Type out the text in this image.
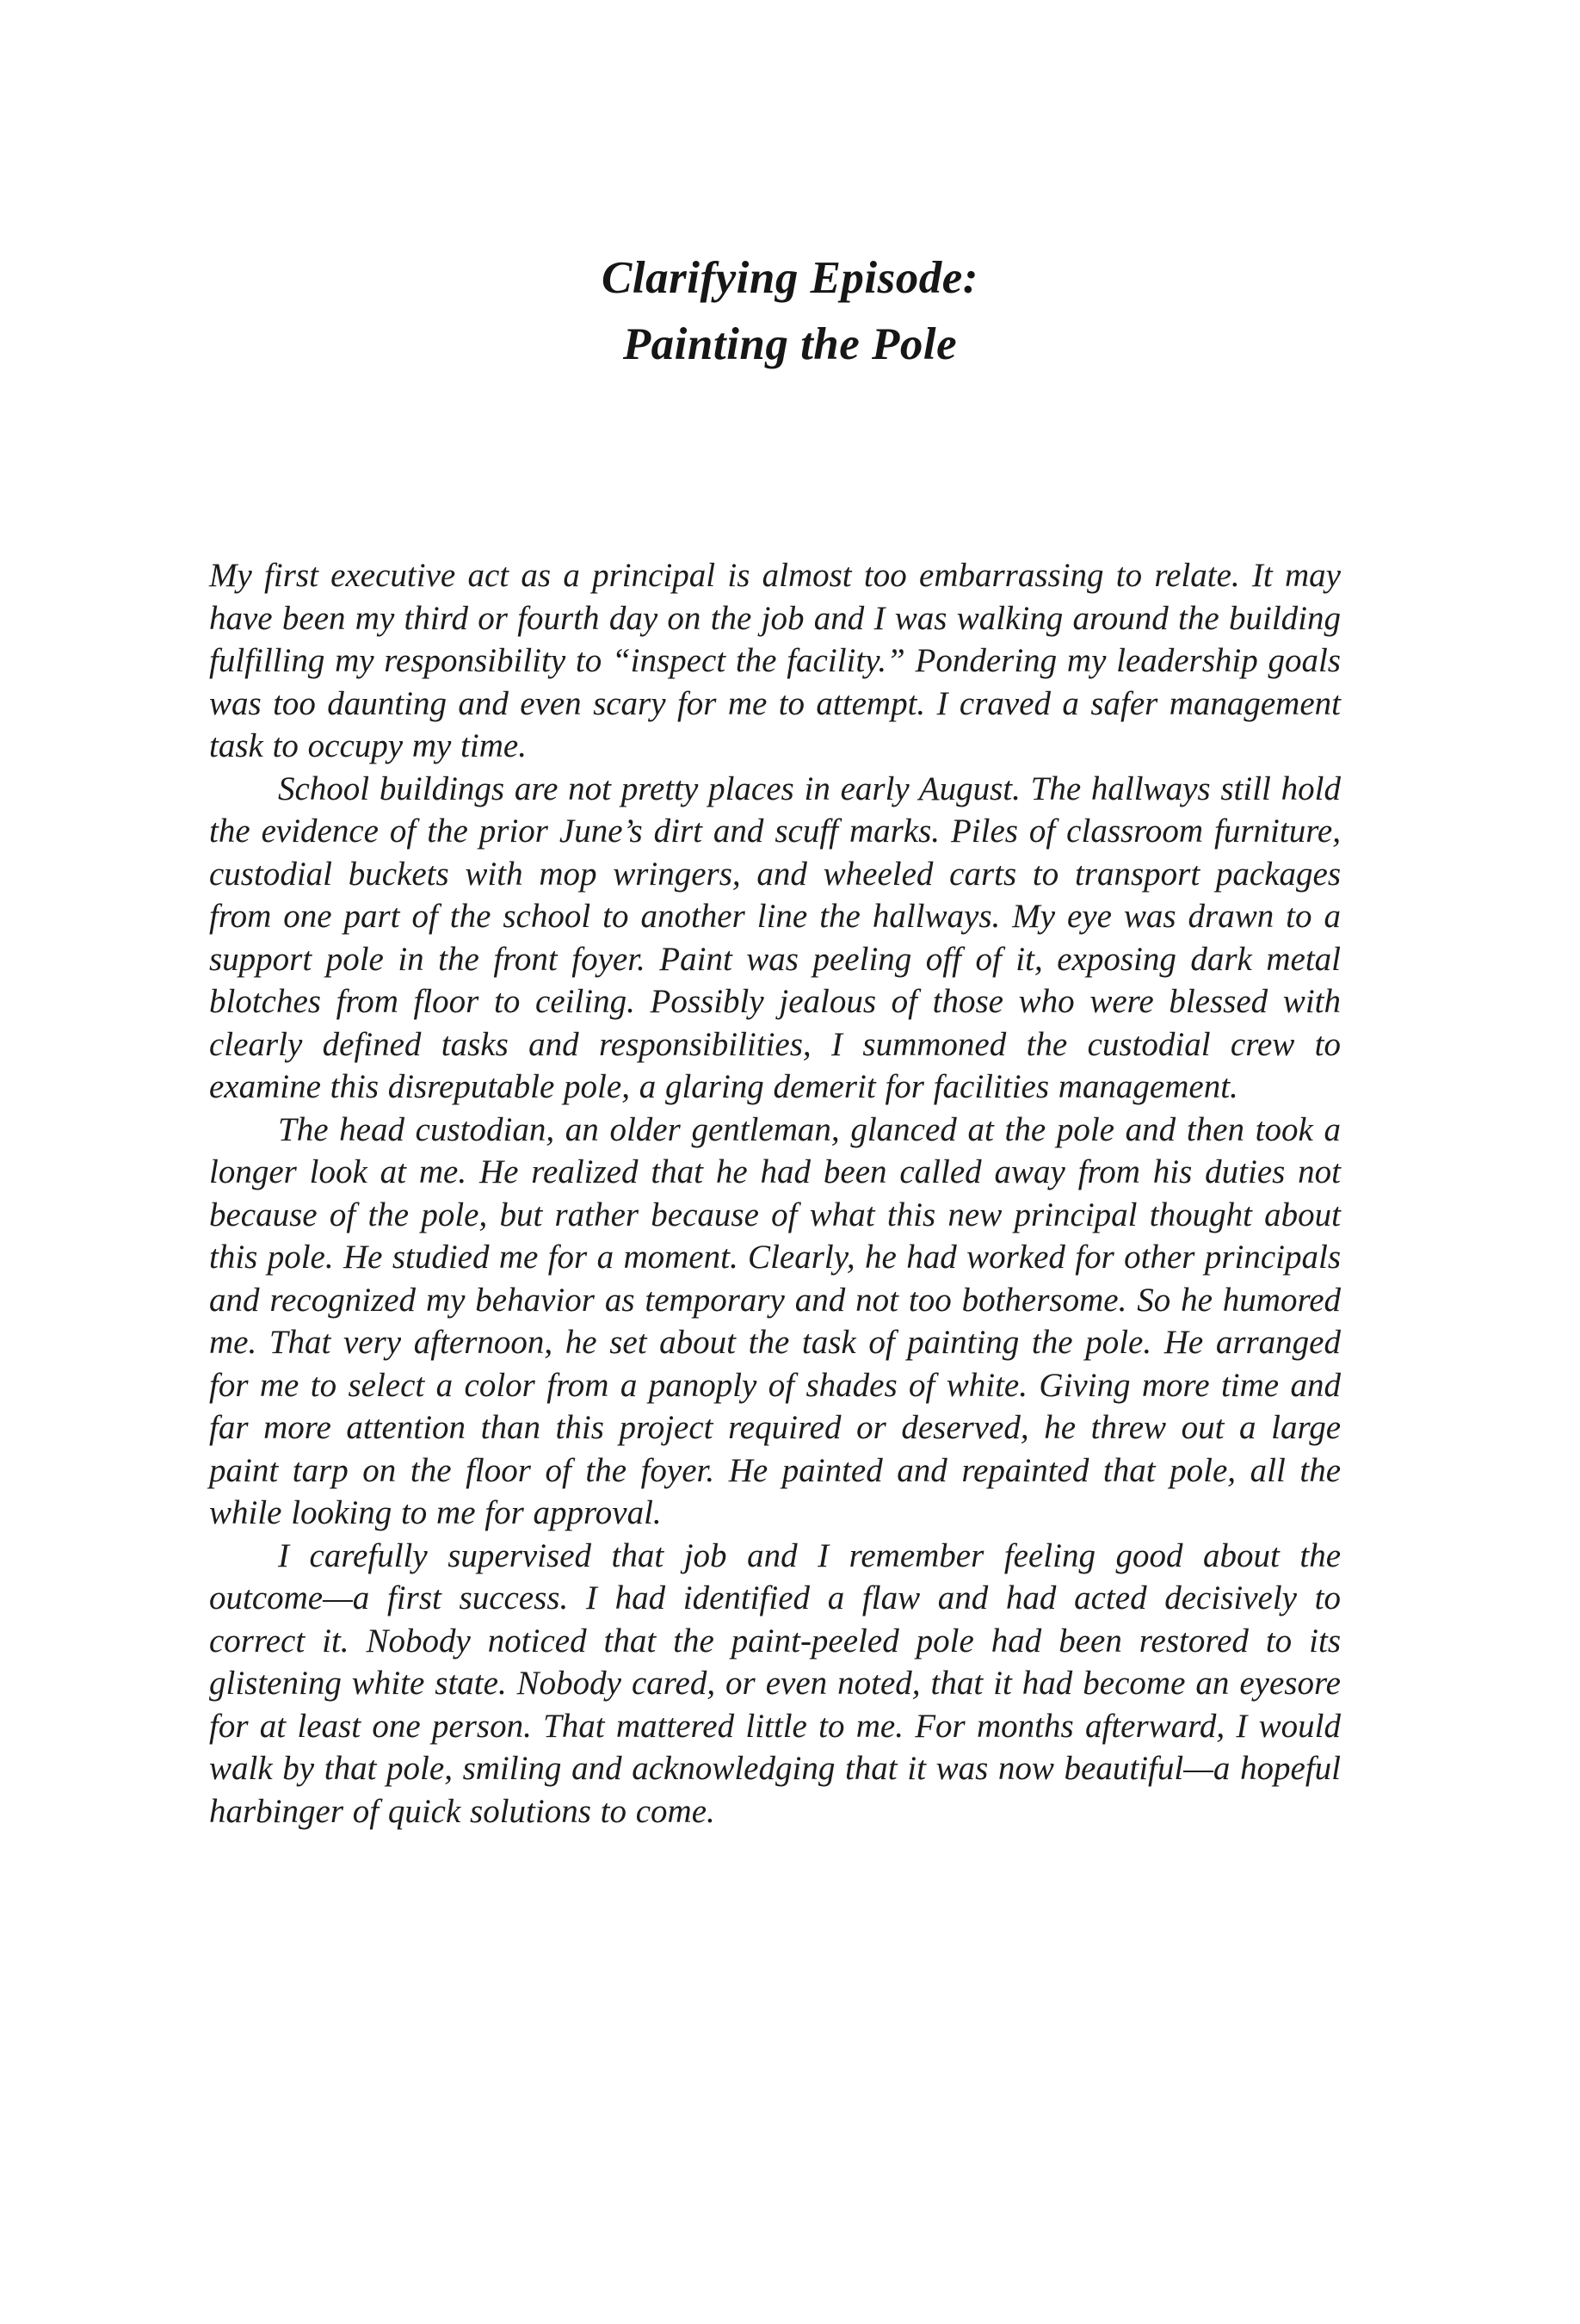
Clarifying Episode:
Painting the Pole

My first executive act as a principal is almost too embarrassing to relate. It may have been my third or fourth day on the job and I was walking around the building fulfilling my responsibility to “inspect the facility.” Pondering my leadership goals was too daunting and even scary for me to attempt. I craved a safer management task to occupy my time.

School buildings are not pretty places in early August. The hallways still hold the evidence of the prior June’s dirt and scuff marks. Piles of classroom furniture, custodial buckets with mop wringers, and wheeled carts to transport packages from one part of the school to another line the hallways. My eye was drawn to a support pole in the front foyer. Paint was peeling off of it, exposing dark metal blotches from floor to ceiling. Possibly jealous of those who were blessed with clearly defined tasks and responsibilities, I summoned the custodial crew to examine this disreputable pole, a glaring demerit for facilities management.

The head custodian, an older gentleman, glanced at the pole and then took a longer look at me. He realized that he had been called away from his duties not because of the pole, but rather because of what this new principal thought about this pole. He studied me for a moment. Clearly, he had worked for other principals and recognized my behavior as temporary and not too bothersome. So he humored me. That very afternoon, he set about the task of painting the pole. He arranged for me to select a color from a panoply of shades of white. Giving more time and far more attention than this project required or deserved, he threw out a large paint tarp on the floor of the foyer. He painted and repainted that pole, all the while looking to me for approval.

I carefully supervised that job and I remember feeling good about the outcome—a first success. I had identified a flaw and had acted decisively to correct it. Nobody noticed that the paint-peeled pole had been restored to its glistening white state. Nobody cared, or even noted, that it had become an eyesore for at least one person. That mattered little to me. For months afterward, I would walk by that pole, smiling and acknowledging that it was now beautiful—a hopeful harbinger of quick solutions to come.
